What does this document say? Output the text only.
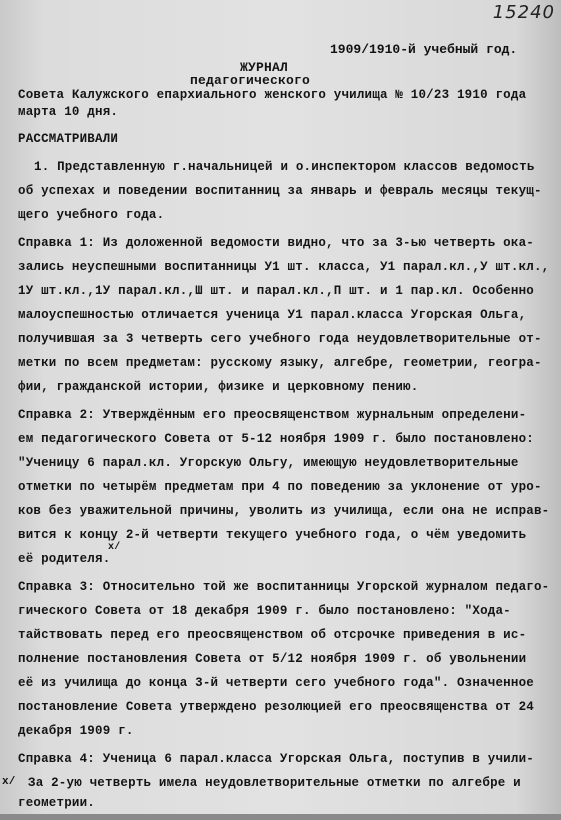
15240
1909/1910-й учебный год.
ЖУРНАЛ
педагогического
Совета Калужского епархиального женского училища № 10/23 1910 года
марта 10 дня.
РАССМАТРИВАЛИ
1. Представленную г.начальницей и о.инспектором классов ведомость
об успехах и поведении воспитанниц за январь и февраль месяцы текущ-
щего учебного года.
Справка 1: Из доложенной ведомости видно, что за 3-ью четверть ока-
зались неуспешными воспитанницы У1 шт. класса, У1 парал.кл.,У шт.кл.,
1У шт.кл.,1У парал.кл.,Ш шт. и парал.кл.,П шт. и 1 пар.кл. Особенно
малоуспешностью отличается ученица У1 парал.класса Угорская Ольга,
получившая за 3 четверть сего учебного года неудовлетворительные от-
метки по всем предметам: русскому языку, алгебре, геометрии, геогра-
фии, гражданской истории, физике и церковному пению.
Справка 2: Утверждённым его преосвященством журнальным определени-
ем педагогического Совета от 5-12 ноября 1909 г. было постановлено:
"Ученицу 6 парал.кл. Угорскую Ольгу, имеющую неудовлетворительные
отметки по четырём предметам при 4 по поведению за уклонение от уро-
ков без уважительной причины, уволить из училища, если она не исправ-
вится к концу 2-й четверти текущего учебного года, о чём уведомить
х/
её родителя.
Справка 3: Относительно той же воспитанницы Угорской журналом педаго-
гического Совета от 18 декабря 1909 г. было постановлено: "Хода-
тайствовать перед его преосвященством об отсрочке приведения в ис-
полнение постановления Совета от 5/12 ноября 1909 г. об увольнении
её из училища до конца 3-й четверти сего учебного года". Означенное
постановление Совета утверждено резолюцией его преосвященства от 24
декабря 1909 г.
Справка 4: Ученица 6 парал.класса Угорская Ольга, поступив в учили-
х/ За 2-ую четверть имела неудовлетворительные отметки по алгебре и
геометрии.
